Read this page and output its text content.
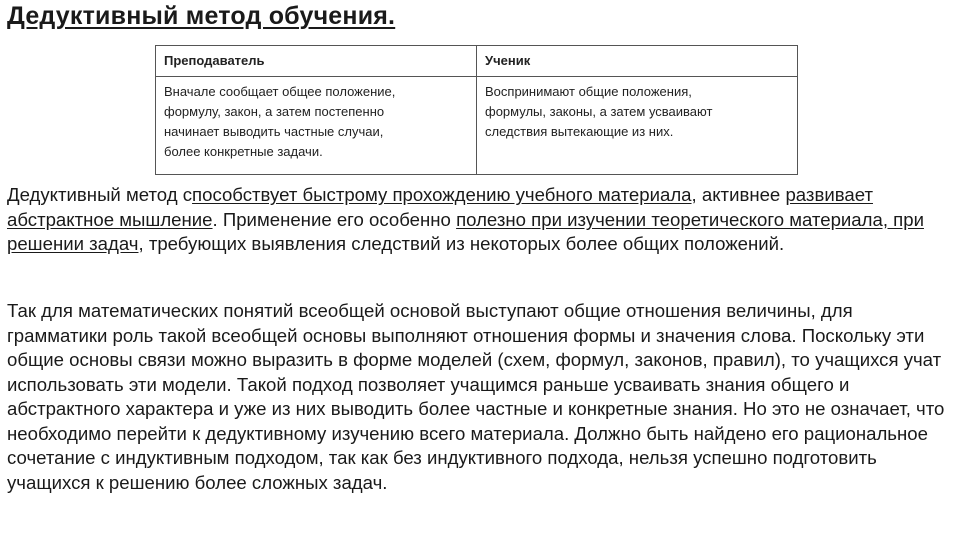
Дедуктивный метод обучения.
Преподаватель	Ученик

Вначале сообщает общее положение,
формулу, закон, а затем постепенно
начинает выводить частные случаи,
более конкретные задачи.	Воспринимают общие положения,
формулы, законы, а затем усваивают
следствия вытекающие из них.

Дедуктивный метод способствует быстрому прохождению учебного материала, активнее развивает абстрактное мышление. Применение его особенно полезно при изучении теоретического материала, при решении задач, требующих выявления следствий из некоторых более общих положений.

Так для математических понятий всеобщей основой выступают общие отношения величины, для грамматики роль такой всеобщей основы выполняют отношения формы и значения слова. Поскольку эти общие основы связи можно выразить в форме моделей (схем, формул, законов, правил), то учащихся учат использовать эти модели. Такой подход позволяет учащимся раньше усваивать знания общего и абстрактного характера и уже из них выводить более частные и конкретные знания. Но это не означает, что необходимо перейти к дедуктивному изучению всего материала. Должно быть найдено его рациональное сочетание с индуктивным подходом, так как без индуктивного подхода, нельзя успешно подготовить учащихся к решению более сложных задач.
